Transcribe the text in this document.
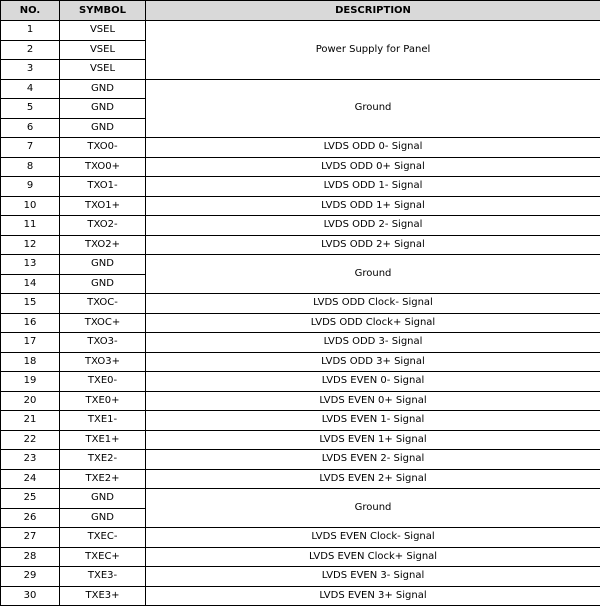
NO.	SYMBOL	DESCRIPTION
1	VSEL	Power Supply for Panel
2	VSEL	
3	VSEL	
4	GND	Ground
5	GND	
6	GND	
7	TXO0-	LVDS ODD 0- Signal
8	TXO0+	LVDS ODD 0+ Signal
9	TXO1-	LVDS ODD 1- Signal
10	TXO1+	LVDS ODD 1+ Signal
11	TXO2-	LVDS ODD 2- Signal
12	TXO2+	LVDS ODD 2+ Signal
13	GND	Ground
14	GND	
15	TXOC-	LVDS ODD Clock- Signal
16	TXOC+	LVDS ODD Clock+ Signal
17	TXO3-	LVDS ODD 3- Signal
18	TXO3+	LVDS ODD 3+ Signal
19	TXE0-	LVDS EVEN 0- Signal
20	TXE0+	LVDS EVEN 0+ Signal
21	TXE1-	LVDS EVEN 1- Signal
22	TXE1+	LVDS EVEN 1+ Signal
23	TXE2-	LVDS EVEN 2- Signal
24	TXE2+	LVDS EVEN 2+ Signal
25	GND	Ground
26	GND	
27	TXEC-	LVDS EVEN Clock- Signal
28	TXEC+	LVDS EVEN Clock+ Signal
29	TXE3-	LVDS EVEN 3- Signal
30	TXE3+	LVDS EVEN 3+ Signal
